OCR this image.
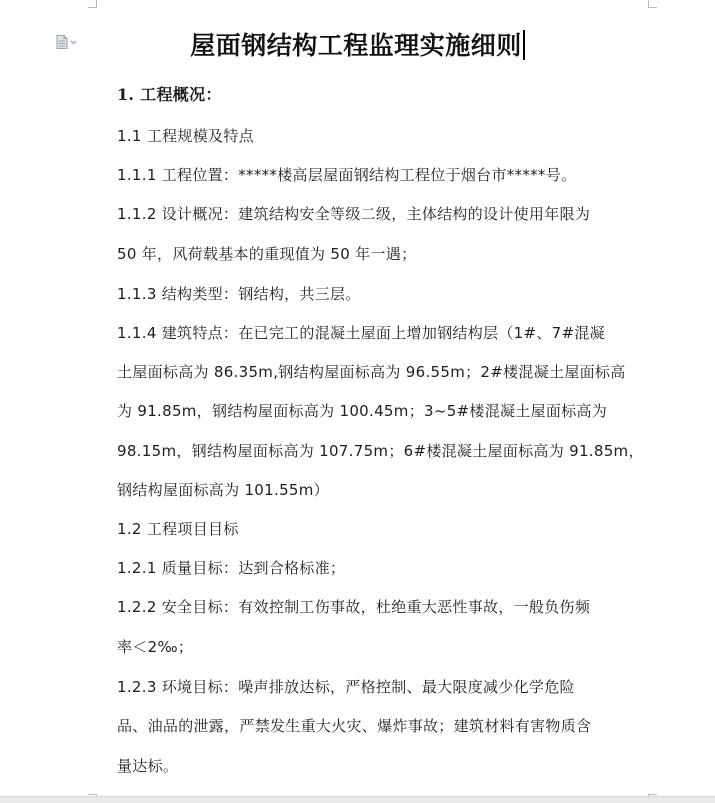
屋面钢结构工程监理实施细则
1. 工程概况：
1.1 工程规模及特点
1.1.1 工程位置：*****楼高层屋面钢结构工程位于烟台市*****号。
1.1.2 设计概况：建筑结构安全等级二级，主体结构的设计使用年限为
50 年，风荷载基本的重现值为 50 年一遇；
1.1.3 结构类型：钢结构，共三层。
1.1.4 建筑特点：在已完工的混凝土屋面上增加钢结构层（1#、7#混凝
土屋面标高为 86.35m,钢结构屋面标高为 96.55m；2#楼混凝土屋面标高
为 91.85m，钢结构屋面标高为 100.45m；3~5#楼混凝土屋面标高为
98.15m，钢结构屋面标高为 107.75m；6#楼混凝土屋面标高为 91.85m，
钢结构屋面标高为 101.55m）
1.2 工程项目目标
1.2.1 质量目标：达到合格标准；
1.2.2 安全目标：有效控制工伤事故，杜绝重大恶性事故，一般负伤频
率＜2‰；
1.2.3 环境目标：噪声排放达标，严格控制、最大限度减少化学危险
品、油品的泄露，严禁发生重大火灾、爆炸事故；建筑材料有害物质含
量达标。
